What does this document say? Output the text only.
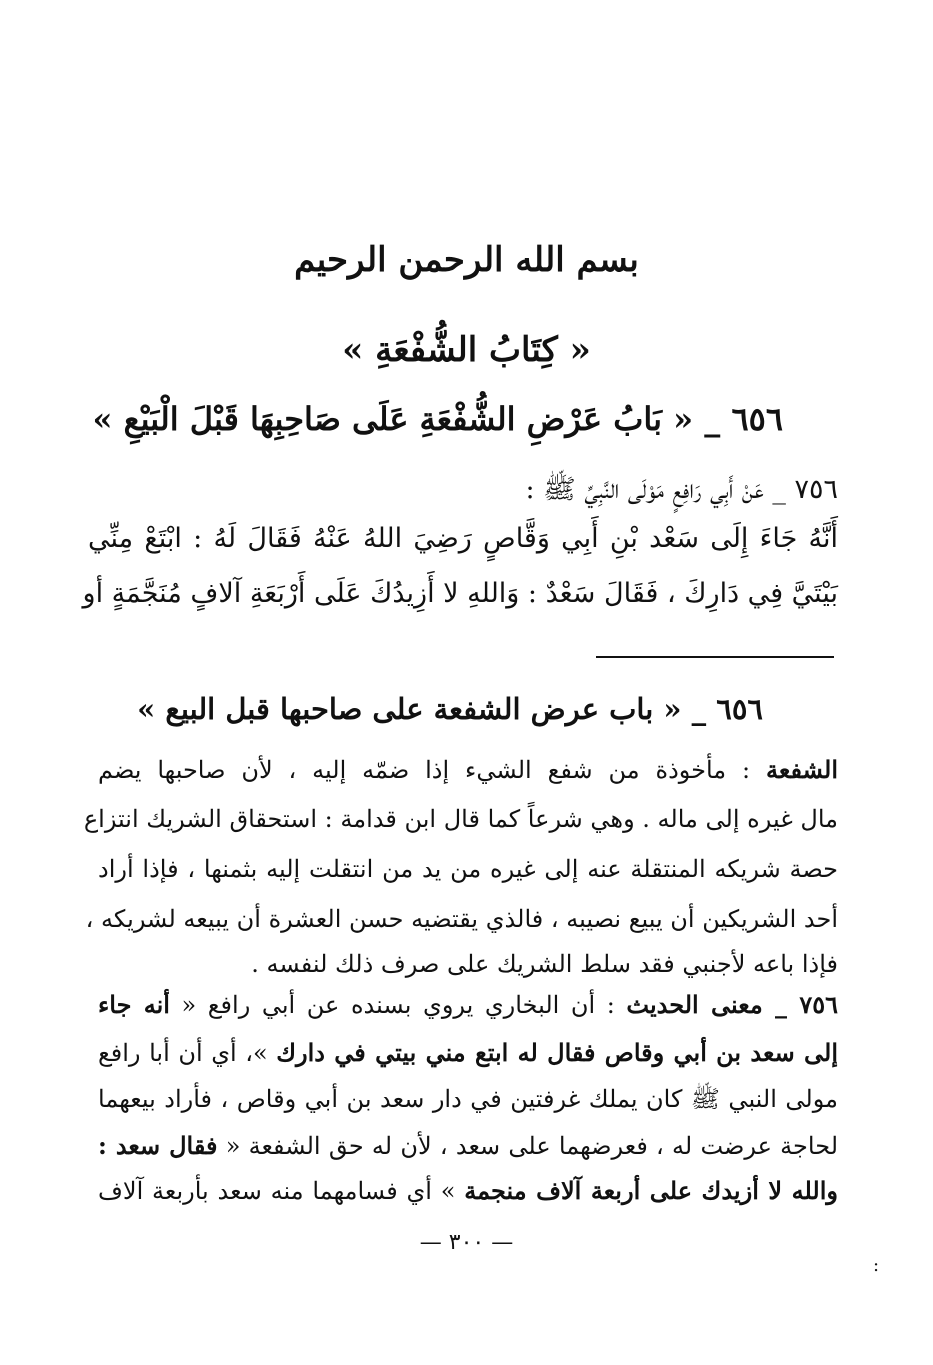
بسم الله الرحمن الرحيم
« كِتَابُ الشُّفْعَةِ »
٦٥٦ _ « بَابُ عَرْضِ الشُّفْعَةِ عَلَى صَاحِبِهَا قَبْلَ الْبَيْعِ »
٧٥٦ _ عَنْ أَبِي رَافِعٍ مَوْلَى النَّبِيِّ ﷺ :
أَنَّهُ جَاءَ إِلَى سَعْد بْنِ أَبِي وَقَّاصٍ رَضِيَ اللهُ عَنْهُ فَقَالَ لَهُ : ابْتَعْ مِنِّي
بَيْتَيَّ فِي دَارِكَ ، فَقَالَ سَعْدٌ : وَاللهِ لا أَزِيدُكَ عَلَى أَرْبَعَةِ آلافٍ مُنَجَّمَةٍ أو
٦٥٦ _ « باب عرض الشفعة على صاحبها قبل البيع »
الشفعة : مأخوذة من شفع الشيء إذا ضمّه إليه ، لأن صاحبها يضم
مال غيره إلى ماله . وهي شرعاً كما قال ابن قدامة : استحقاق الشريك انتزاع
حصة شريكه المنتقلة عنه إلى غيره من يد من انتقلت إليه بثمنها ، فإذا أراد
أحد الشريكين أن يبيع نصيبه ، فالذي يقتضيه حسن العشرة أن يبيعه لشريكه ،
فإذا باعه لأجنبي فقد سلط الشريك على صرف ذلك لنفسه .
٧٥٦ _ معنى الحديث : أن البخاري يروي بسنده عن أبي رافع « أنه جاء
إلى سعد بن أبي وقاص فقال له ابتع مني بيتي في دارك »، أي أن أبا رافع
مولى النبي ﷺ كان يملك غرفتين في دار سعد بن أبي وقاص ، فأراد بيعهما
لحاجة عرضت له ، فعرضهما على سعد ، لأن له حق الشفعة « فقال سعد :
والله لا أزيدك على أربعة آلاف منجمة » أي فسامهما منه سعد بأربعة آلاف
— ٣٠٠ —
:
